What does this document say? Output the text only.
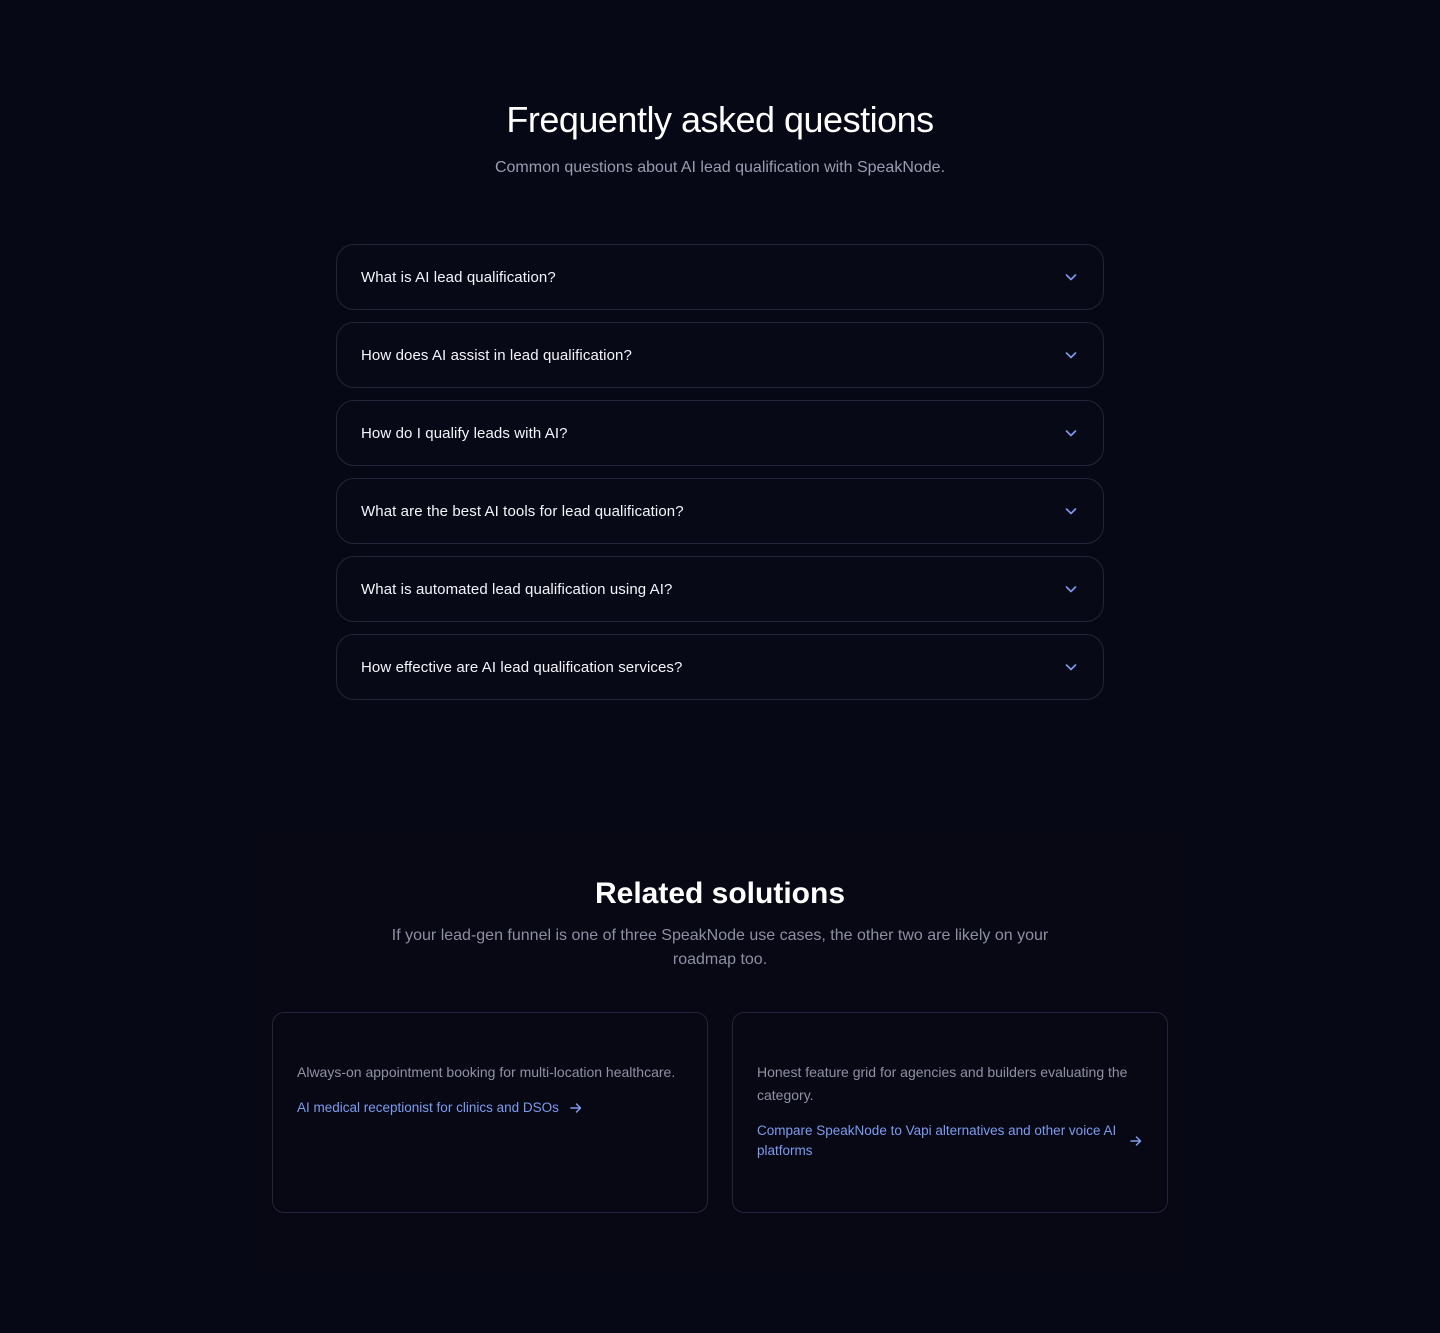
Frequently asked questions

Common questions about AI lead qualification with SpeakNode.

What is AI lead qualification?
How does AI assist in lead qualification?
How do I qualify leads with AI?
What are the best AI tools for lead qualification?
What is automated lead qualification using AI?
How effective are AI lead qualification services?
Related solutions

If your lead-gen funnel is one of three SpeakNode use cases, the other two are likely on your roadmap too.

Always-on appointment booking for multi-location healthcare.

AI medical receptionist for clinics and DSOs

Honest feature grid for agencies and builders evaluating the category.

Compare SpeakNode to Vapi alternatives and other voice AI platforms
